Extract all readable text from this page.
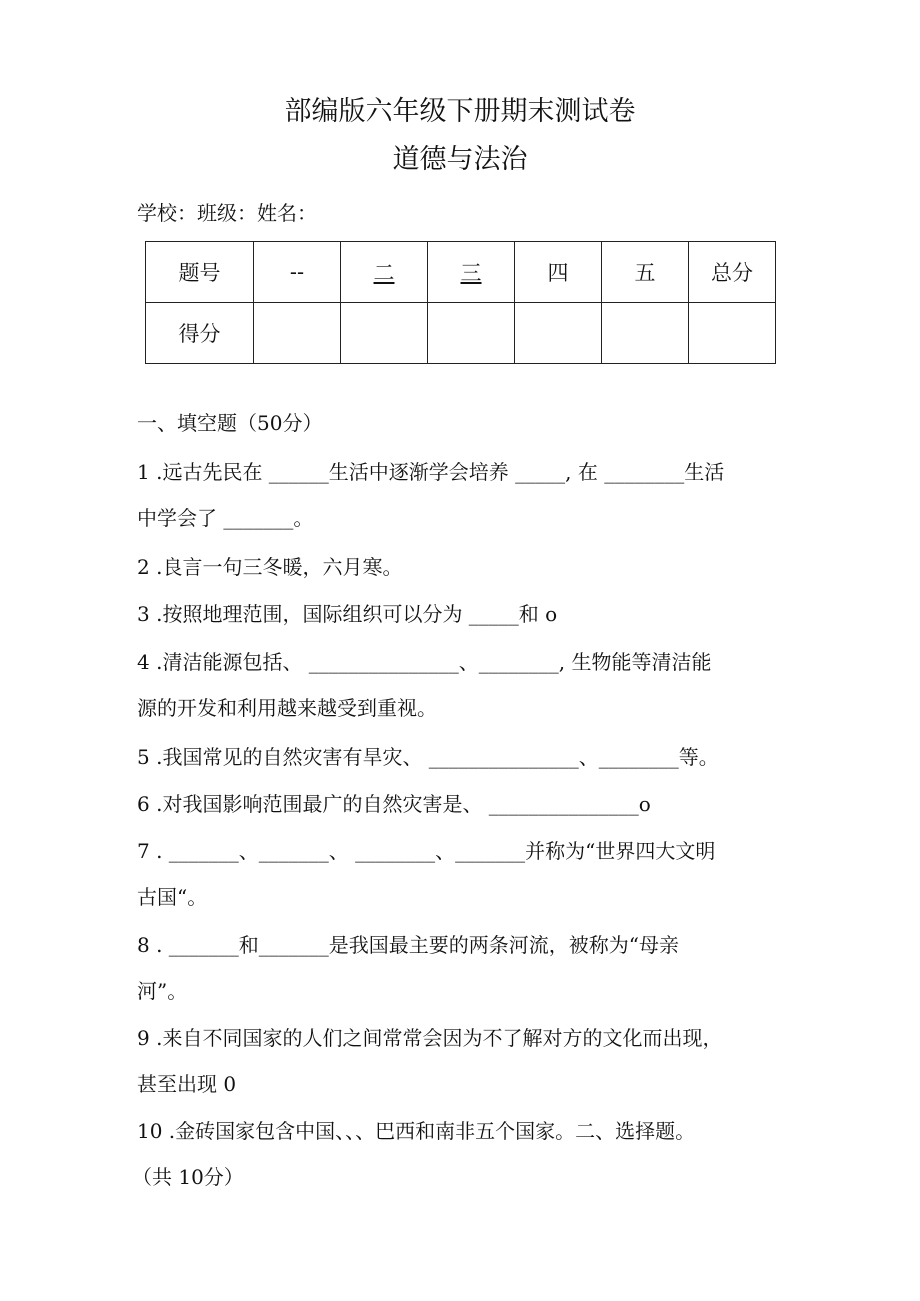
部编版六年级下册期末测试卷
道德与法治
学校：班级：姓名：
题号	--	二	三	四	五	总分
得分						
一、填空题（50分）
1 .远古先民在 ______生活中逐渐学会培养 _____, 在 ________生活
中学会了 _______。
2 .良言一句三冬暖，六月寒。
3 .按照地理范围，国际组织可以分为 _____和 o
4 .清洁能源包括、 _______________、________, 生物能等清洁能
源的开发和利用越来越受到重视。
5 .我国常见的自然灾害有旱灾、 _______________、________等。
6 .对我国影响范围最广的自然灾害是、 _______________o
7 . _______、_______、 ________、_______并称为“世界四大文明
古国“。
8 . _______和_______是我国最主要的两条河流，被称为“母亲
河”。
9 .来自不同国家的人们之间常常会因为不了解对方的文化而出现，
甚至出现 0
10 .金砖国家包含中国、、、巴西和南非五个国家。二、选择题。
（共 10分）
